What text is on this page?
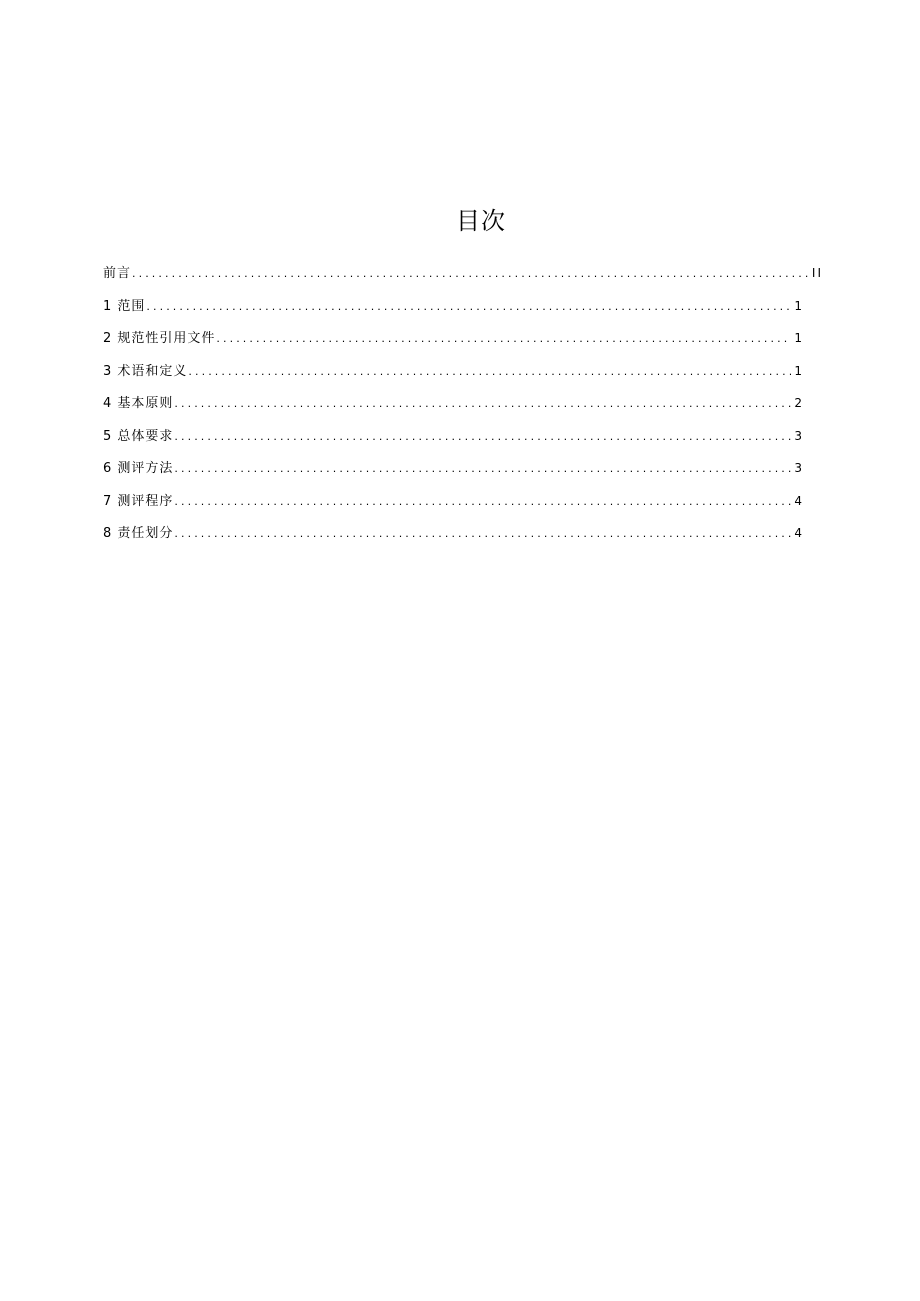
目次
前言 .....	II
1 范围 .....	1
2 规范性引用文件 .....	1
3 术语和定义 .....	1
4 基本原则 .....	2
5 总体要求 .....	3
6 测评方法 .....	3
7 测评程序 .....	4
8 责任划分 .....	4
